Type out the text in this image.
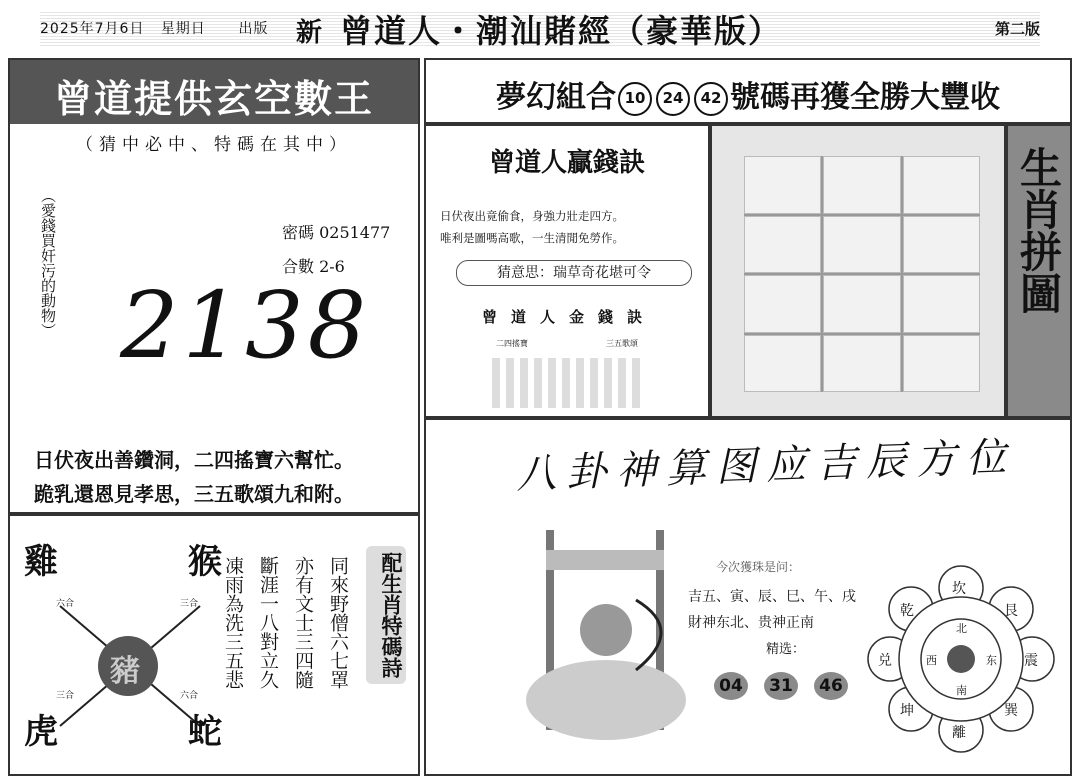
2025年7月6日 星期日 出版 新 曾道人・潮汕賭經（豪華版）	第二版
曾道提供玄空數王
（猜中必中、特碼在其中）
（愛錢買奸污的動物）	密碼 0251477
合數 2-6
2138
日伏夜出善鑽洞，二四搖寶六幫忙。
跪乳還恩見孝思，三五歌頌九和附。
雞	猴
虎	蛇
豬
六合	三合
三合	六合
同來野僧六七罩
亦有文士三四隨
斷涯一八對立久
凍雨為洗三五悲	配生肖特碼詩
夢幻組合 10 24 42 號碼再獲全勝大豐收
曾道人贏錢訣
日伏夜出竟偷食，身強力壯走四方。
唯利是圖嗎高歌，一生清閒免勞作。
猜意思：瑞草奇花堪可令
曾道人金錢訣
二四搖寶	三五歌頌
生肖拼圖
八卦神算图应吉辰方位
今次獲珠是问：
吉五、寅、辰、巳、午、戌
財神东北、贵神正南
精选：
04 31 46
坎
艮
震
巽
離
坤
兑
乾
北
东
南
西
